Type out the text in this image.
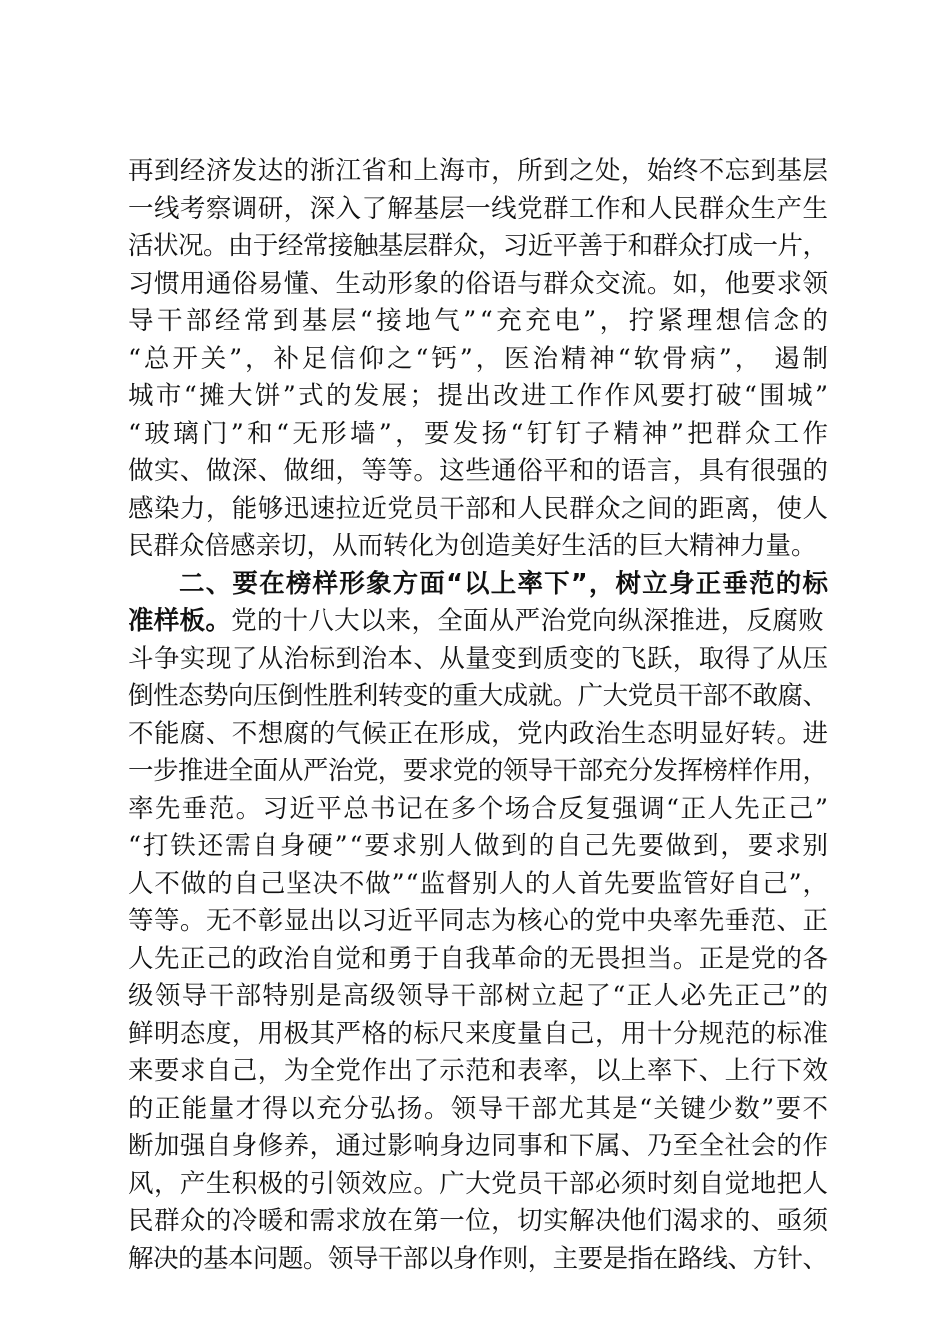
再到经济发达的浙江省和上海市，所到之处，始终不忘到基层
一线考察调研，深入了解基层一线党群工作和人民群众生产生
活状况。由于经常接触基层群众，习近平善于和群众打成一片，
习惯用通俗易懂、生动形象的俗语与群众交流。如，他要求领
导干部经常到基层“接地气”“充充电”，拧紧理想信念的
“总开关”，补足信仰之“钙”，医治精神“软骨病”， 遏制
城市“摊大饼”式的发展；提出改进工作作风要打破“围城”
“玻璃门”和“无形墙”，要发扬“钉钉子精神”把群众工作
做实、做深、做细，等等。这些通俗平和的语言，具有很强的
感染力，能够迅速拉近党员干部和人民群众之间的距离，使人
民群众倍感亲切，从而转化为创造美好生活的巨大精神力量。
二、要在榜样形象方面“以上率下”，树立身正垂范的标
准样板。党的十八大以来，全面从严治党向纵深推进，反腐败
斗争实现了从治标到治本、从量变到质变的飞跃，取得了从压
倒性态势向压倒性胜利转变的重大成就。广大党员干部不敢腐、
不能腐、不想腐的气候正在形成，党内政治生态明显好转。进
一步推进全面从严治党，要求党的领导干部充分发挥榜样作用，
率先垂范。习近平总书记在多个场合反复强调“正人先正己”
“打铁还需自身硬”“要求别人做到的自己先要做到，要求别
人不做的自己坚决不做”“监督别人的人首先要监管好自己”，
等等。无不彰显出以习近平同志为核心的党中央率先垂范、正
人先正己的政治自觉和勇于自我革命的无畏担当。正是党的各
级领导干部特别是高级领导干部树立起了“正人必先正己”的
鲜明态度，用极其严格的标尺来度量自己，用十分规范的标准
来要求自己，为全党作出了示范和表率，以上率下、上行下效
的正能量才得以充分弘扬。领导干部尤其是“关键少数”要不
断加强自身修养，通过影响身边同事和下属、乃至全社会的作
风，产生积极的引领效应。广大党员干部必须时刻自觉地把人
民群众的冷暖和需求放在第一位，切实解决他们渴求的、亟须
解决的基本问题。领导干部以身作则，主要是指在路线、方针、
